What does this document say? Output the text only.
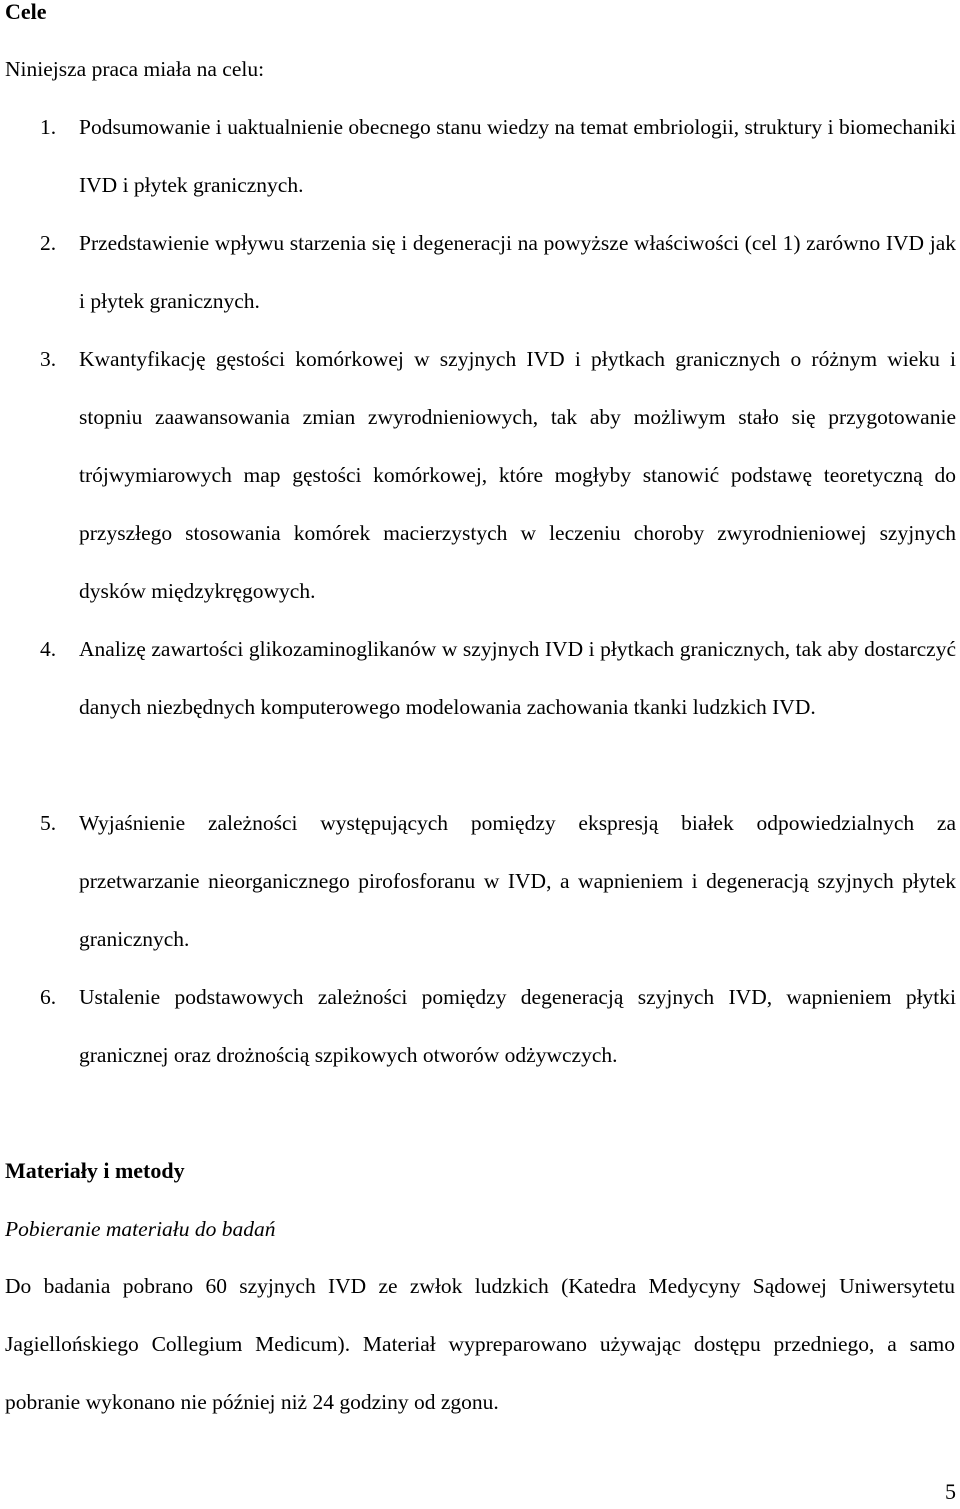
Cele
Niniejsza praca miała na celu:
1.	Podsumowanie i uaktualnienie obecnego stanu wiedzy na temat embriologii, struktury i biomechaniki IVD i płytek granicznych.
2.	Przedstawienie wpływu starzenia się i degeneracji na powyższe właściwości (cel 1) zarówno IVD jak i płytek granicznych.
3.	Kwantyfikację gęstości komórkowej w szyjnych IVD i płytkach granicznych o różnym wieku i stopniu zaawansowania zmian zwyrodnieniowych, tak aby możliwym stało się przygotowanie trójwymiarowych map gęstości komórkowej, które mogłyby stanowić podstawę teoretyczną do przyszłego stosowania komórek macierzystych w leczeniu choroby zwyrodnieniowej szyjnych dysków międzykręgowych.
4.	Analizę zawartości glikozaminoglikanów w szyjnych IVD i płytkach granicznych, tak aby dostarczyć danych niezbędnych komputerowego modelowania zachowania tkanki ludzkich IVD.
5.	Wyjaśnienie zależności występujących pomiędzy ekspresją białek odpowiedzialnych za przetwarzanie nieorganicznego pirofosforanu w IVD, a wapnieniem i degeneracją szyjnych płytek granicznych.
6.	Ustalenie podstawowych zależności pomiędzy degeneracją szyjnych IVD, wapnieniem płytki granicznej oraz drożnością szpikowych otworów odżywczych.
Materiały i metody
Pobieranie materiału do badań
Do badania pobrano 60 szyjnych IVD ze zwłok ludzkich (Katedra Medycyny Sądowej Uniwersytetu Jagiellońskiego Collegium Medicum). Materiał wypreparowano używając dostępu przedniego, a samo pobranie wykonano nie później niż 24 godziny od zgonu.
5
